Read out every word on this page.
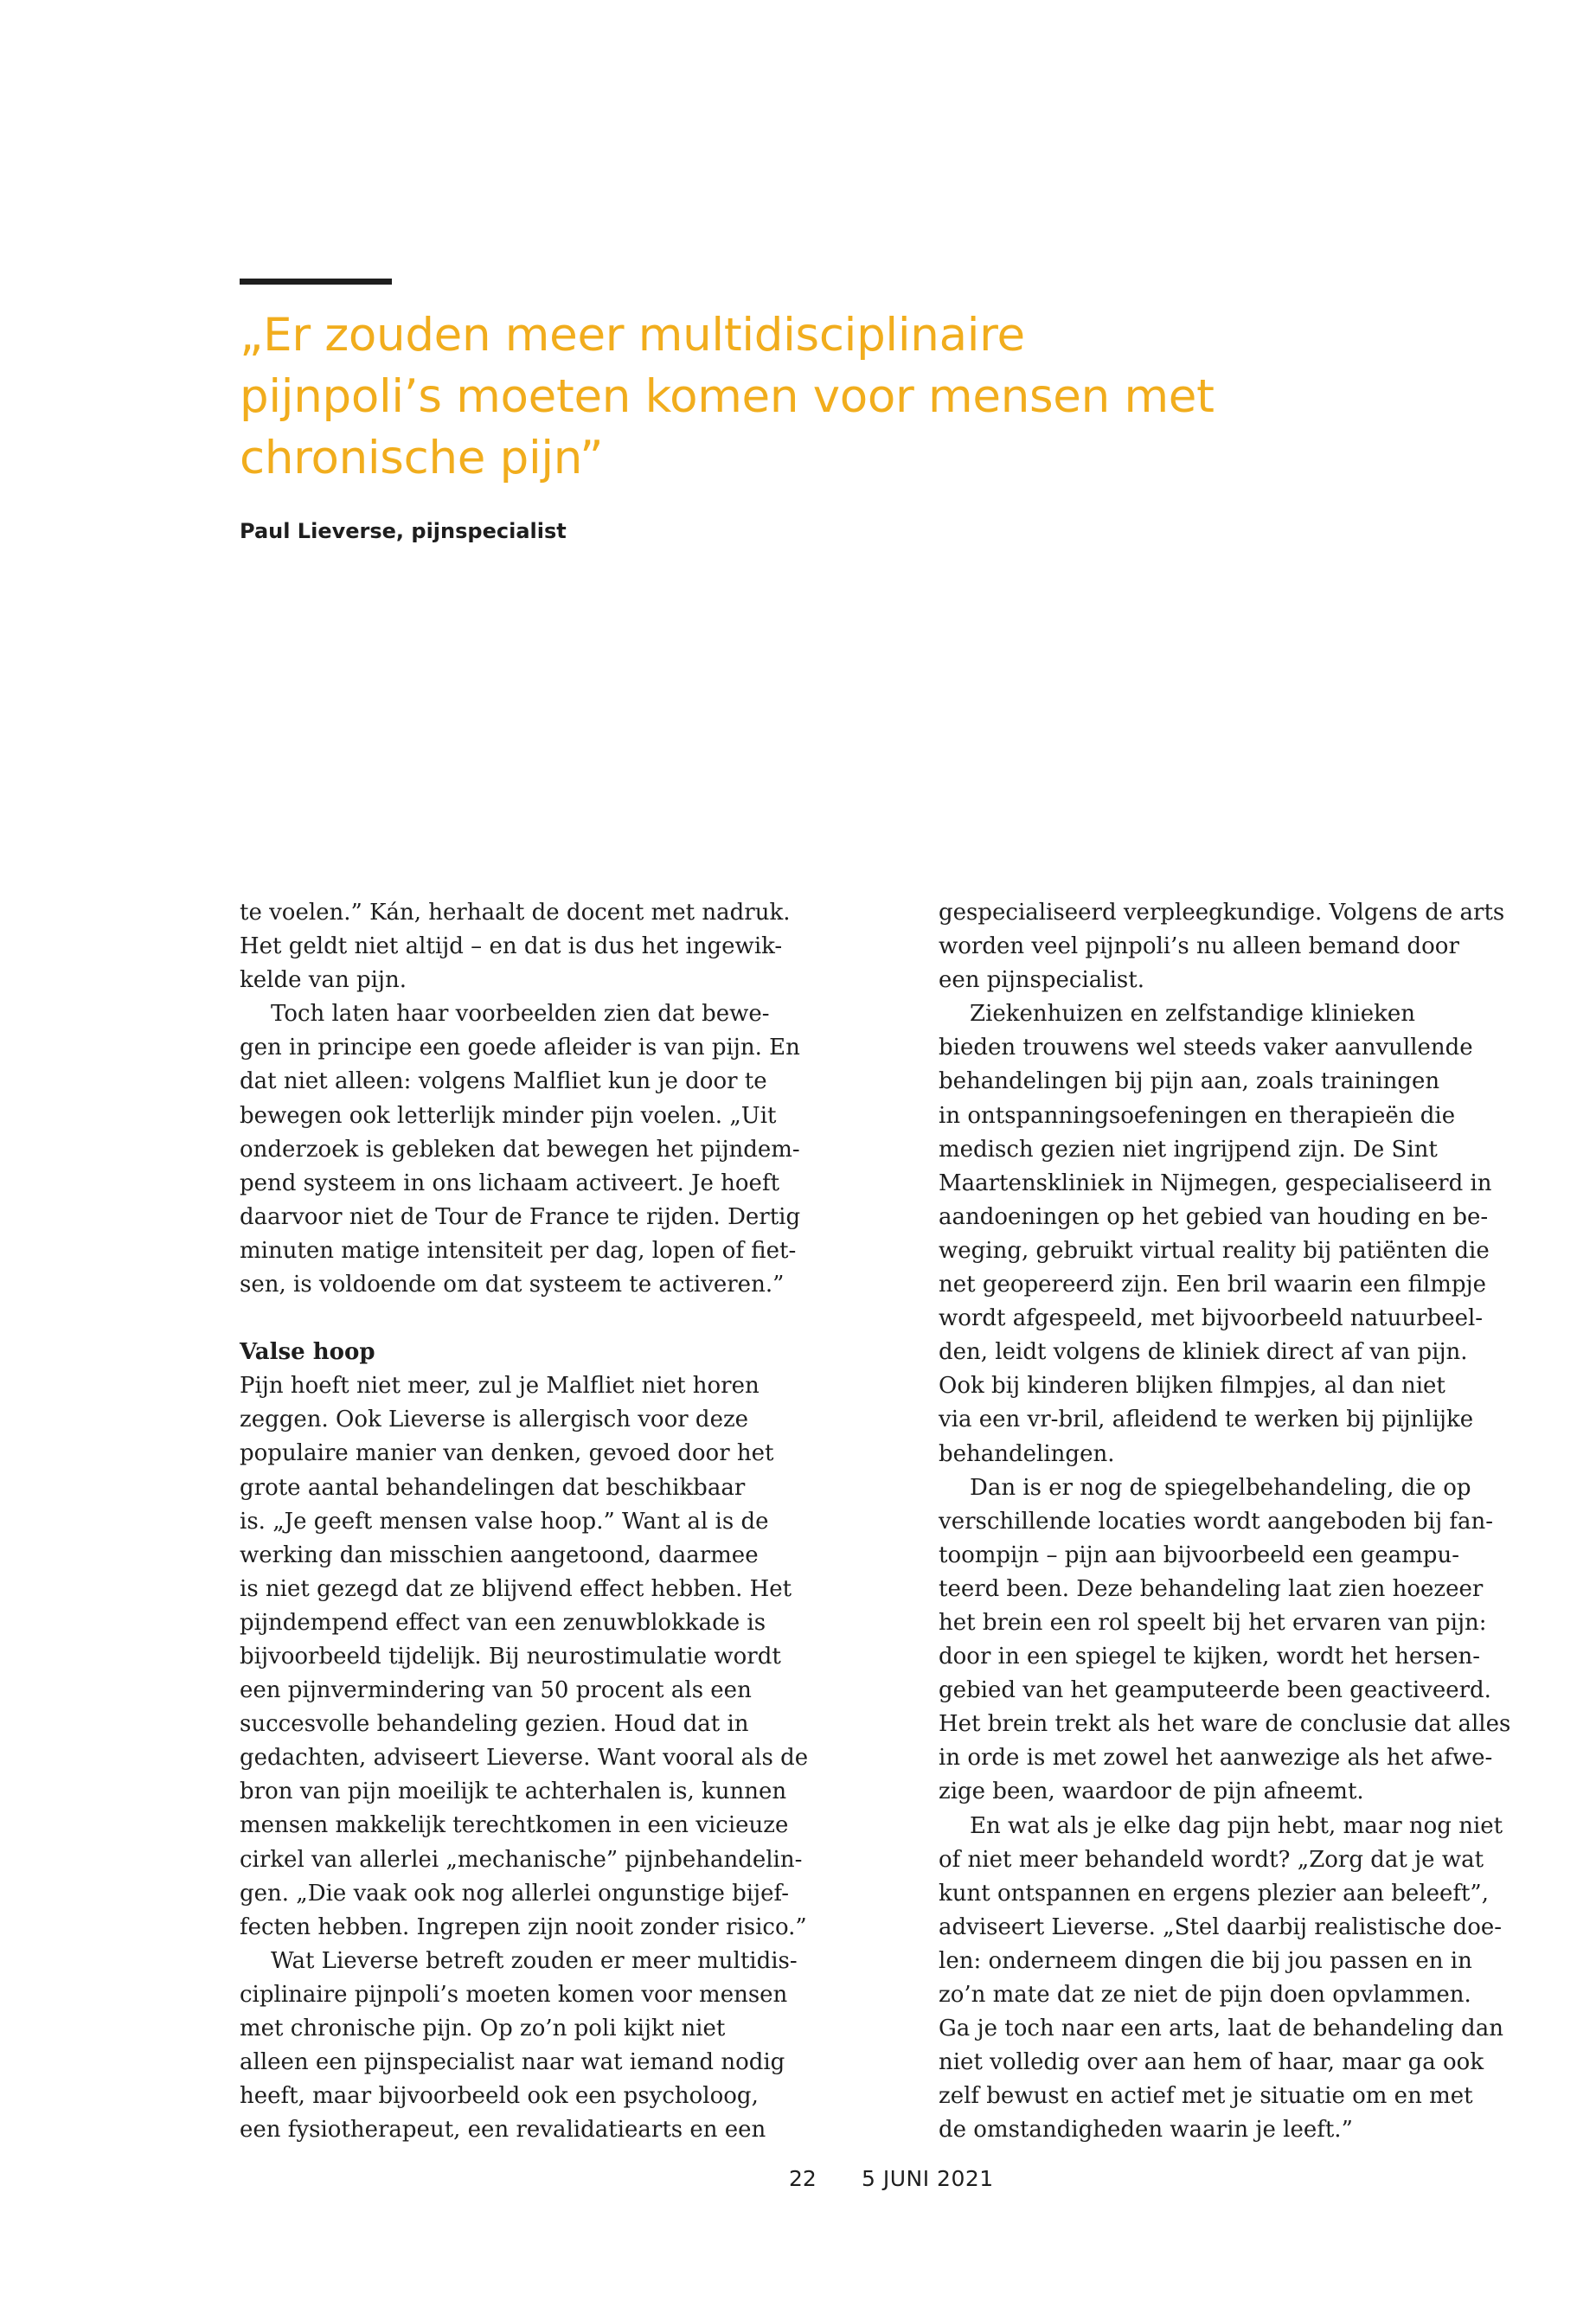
„Er zouden meer multidisciplinaire
pijnpoli’s moeten komen voor mensen met
chronische pijn”
Paul Lieverse, pijnspecialist

te voelen.” Kán, herhaalt de docent met nadruk.
Het geldt niet altijd – en dat is dus het ingewik-
kelde van pijn.

Toch laten haar voorbeelden zien dat bewe-
gen in principe een goede afleider is van pijn. En
dat niet alleen: volgens Malfliet kun je door te
bewegen ook letterlijk minder pijn voelen. „Uit
onderzoek is gebleken dat bewegen het pijndem-
pend systeem in ons lichaam activeert. Je hoeft
daarvoor niet de Tour de France te rijden. Dertig
minuten matige intensiteit per dag, lopen of fiet-
sen, is voldoende om dat systeem te activeren.”

Valse hoop

Pijn hoeft niet meer, zul je Malfliet niet horen
zeggen. Ook Lieverse is allergisch voor deze
populaire manier van denken, gevoed door het
grote aantal behandelingen dat beschikbaar
is. „Je geeft mensen valse hoop.” Want al is de
werking dan misschien aangetoond, daarmee
is niet gezegd dat ze blijvend effect hebben. Het
pijndempend effect van een zenuwblokkade is
bijvoorbeeld tijdelijk. Bij neurostimulatie wordt
een pijnvermindering van 50 procent als een
succesvolle behandeling gezien. Houd dat in
gedachten, adviseert Lieverse. Want vooral als de
bron van pijn moeilijk te achterhalen is, kunnen
mensen makkelijk terechtkomen in een vicieuze
cirkel van allerlei „mechanische” pijnbehandelin-
gen. „Die vaak ook nog allerlei ongunstige bijef-
fecten hebben. Ingrepen zijn nooit zonder risico.”

Wat Lieverse betreft zouden er meer multidis-
ciplinaire pijnpoli’s moeten komen voor mensen
met chronische pijn. Op zo’n poli kijkt niet
alleen een pijnspecialist naar wat iemand nodig
heeft, maar bijvoorbeeld ook een psycholoog,
een fysiotherapeut, een revalidatiearts en een

gespecialiseerd verpleegkundige. Volgens de arts
worden veel pijnpoli’s nu alleen bemand door
een pijnspecialist.

Ziekenhuizen en zelfstandige klinieken
bieden trouwens wel steeds vaker aanvullende
behandelingen bij pijn aan, zoals trainingen
in ontspanningsoefeningen en therapieën die
medisch gezien niet ingrijpend zijn. De Sint
Maartenskliniek in Nijmegen, gespecialiseerd in
aandoeningen op het gebied van houding en be-
weging, gebruikt virtual reality bij patiënten die
net geopereerd zijn. Een bril waarin een filmpje
wordt afgespeeld, met bijvoorbeeld natuurbeel-
den, leidt volgens de kliniek direct af van pijn.
Ook bij kinderen blijken filmpjes, al dan niet
via een vr-bril, afleidend te werken bij pijnlijke
behandelingen.

Dan is er nog de spiegelbehandeling, die op
verschillende locaties wordt aangeboden bij fan-
toompijn – pijn aan bijvoorbeeld een geampu-
teerd been. Deze behandeling laat zien hoezeer
het brein een rol speelt bij het ervaren van pijn:
door in een spiegel te kijken, wordt het hersen-
gebied van het geamputeerde been geactiveerd.
Het brein trekt als het ware de conclusie dat alles
in orde is met zowel het aanwezige als het afwe-
zige been, waardoor de pijn afneemt.

En wat als je elke dag pijn hebt, maar nog niet
of niet meer behandeld wordt? „Zorg dat je wat
kunt ontspannen en ergens plezier aan beleeft”,
adviseert Lieverse. „Stel daarbij realistische doe-
len: onderneem dingen die bij jou passen en in
zo’n mate dat ze niet de pijn doen opvlammen.
Ga je toch naar een arts, laat de behandeling dan
niet volledig over aan hem of haar, maar ga ook
zelf bewust en actief met je situatie om en met
de omstandigheden waarin je leeft.”

22 5 JUNI 2021
